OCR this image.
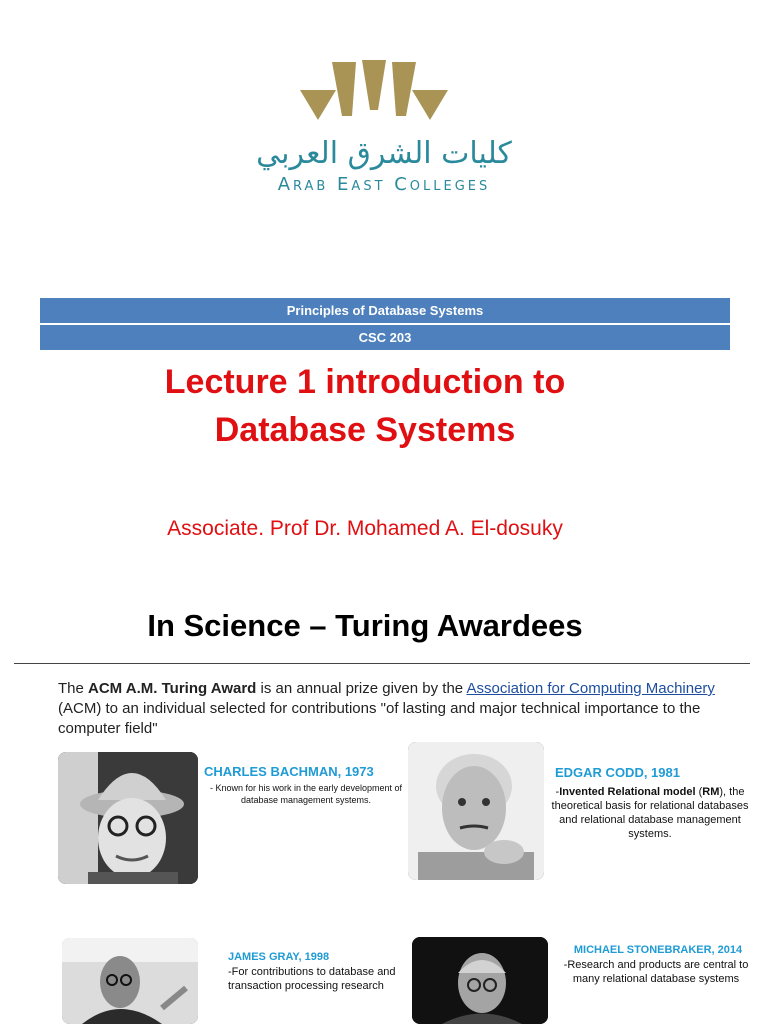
كليات الشرق العربي
Arab East Colleges
Principles of Database Systems
CSC 203
Lecture 1 introduction to
Database Systems
Associate. Prof Dr. Mohamed A. El-dosuky
In Science – Turing Awardees
The ACM A.M. Turing Award is an annual prize given by the Association for Computing Machinery (ACM) to an individual selected for contributions "of lasting and major technical importance to the computer field"
CHARLES BACHMAN, 1973
- Known for his work in the early development of database management systems.
EDGAR CODD, 1981
-Invented Relational model (RM), the theoretical basis for relational databases and relational database management systems.
JAMES GRAY, 1998
-For contributions to database and transaction processing research
MICHAEL STONEBRAKER, 2014
-Research and products are central to many relational database systems
